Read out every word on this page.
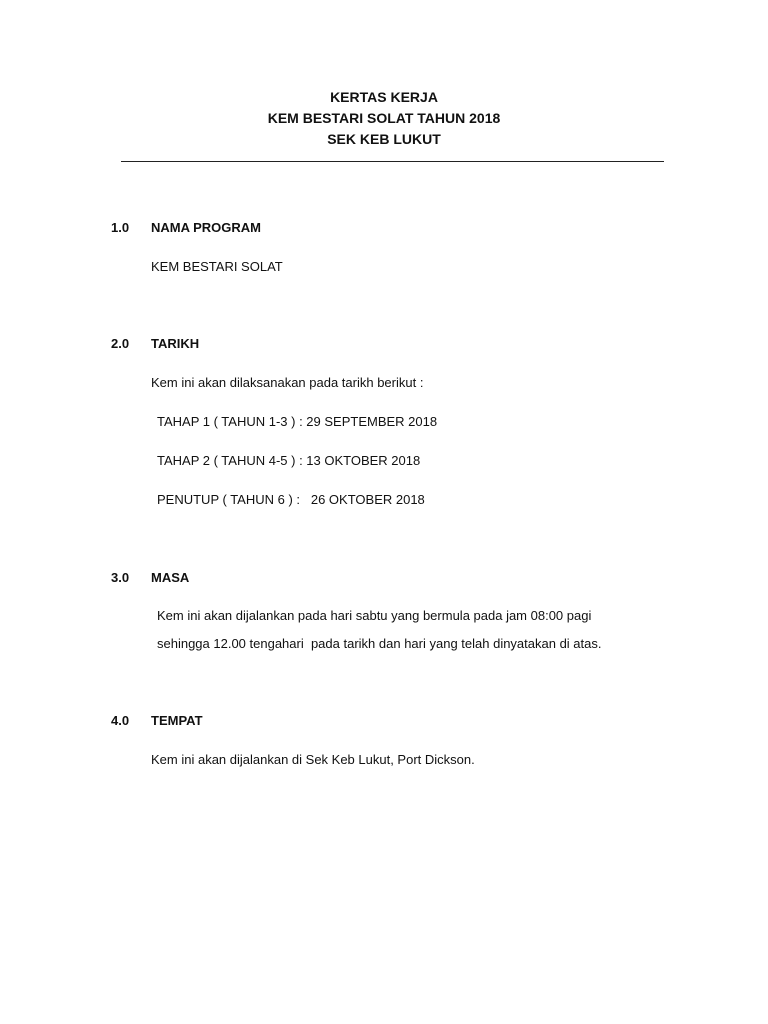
KERTAS KERJA
KEM BESTARI SOLAT TAHUN 2018
SEK KEB LUKUT
1.0 NAMA PROGRAM
KEM BESTARI SOLAT
2.0 TARIKH
Kem ini akan dilaksanakan pada tarikh berikut :
TAHAP 1 ( TAHUN 1-3 ) : 29 SEPTEMBER 2018
TAHAP 2 ( TAHUN 4-5 ) : 13 OKTOBER 2018
PENUTUP ( TAHUN 6 ) :   26 OKTOBER 2018
3.0 MASA
Kem ini akan dijalankan pada hari sabtu yang bermula pada jam 08:00 pagi
sehingga 12.00 tengahari  pada tarikh dan hari yang telah dinyatakan di atas.
4.0 TEMPAT
Kem ini akan dijalankan di Sek Keb Lukut, Port Dickson.
